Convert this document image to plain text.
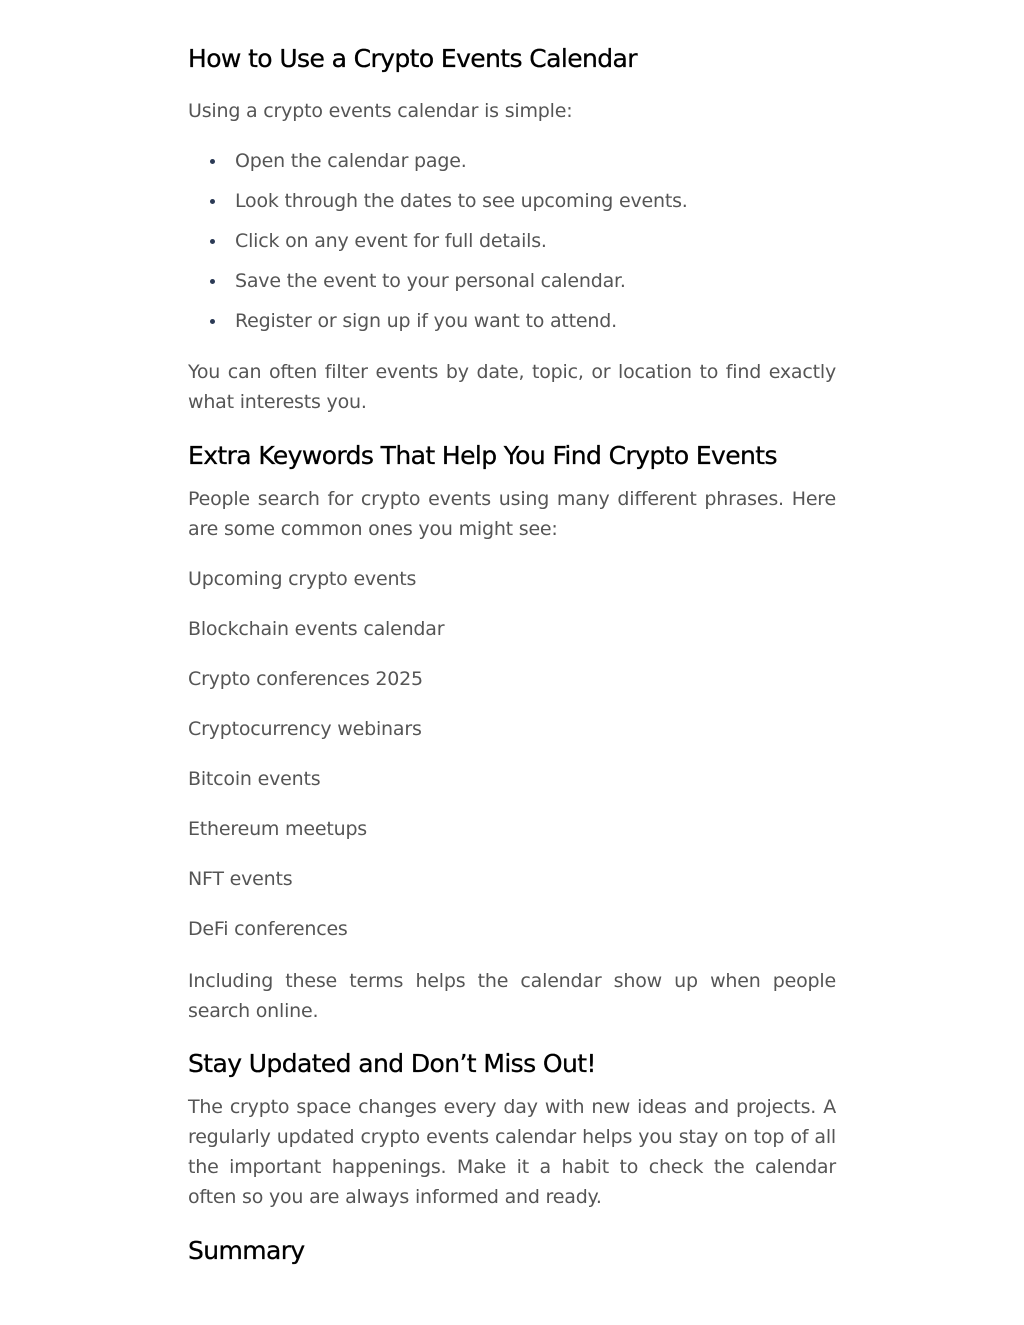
How to Use a Crypto Events Calendar

Using a crypto events calendar is simple:

Open the calendar page.
Look through the dates to see upcoming events.
Click on any event for full details.
Save the event to your personal calendar.
Register or sign up if you want to attend.

You can often filter events by date, topic, or location to find exactly what interests you.

Extra Keywords That Help You Find Crypto Events

People search for crypto events using many different phrases. Here are some common ones you might see:

Upcoming crypto events

Blockchain events calendar

Crypto conferences 2025

Cryptocurrency webinars

Bitcoin events

Ethereum meetups

NFT events

DeFi conferences

Including these terms helps the calendar show up when people search online.

Stay Updated and Don’t Miss Out!

The crypto space changes every day with new ideas and projects. A regularly updated crypto events calendar helps you stay on top of all the important happenings. Make it a habit to check the calendar often so you are always informed and ready.

Summary
